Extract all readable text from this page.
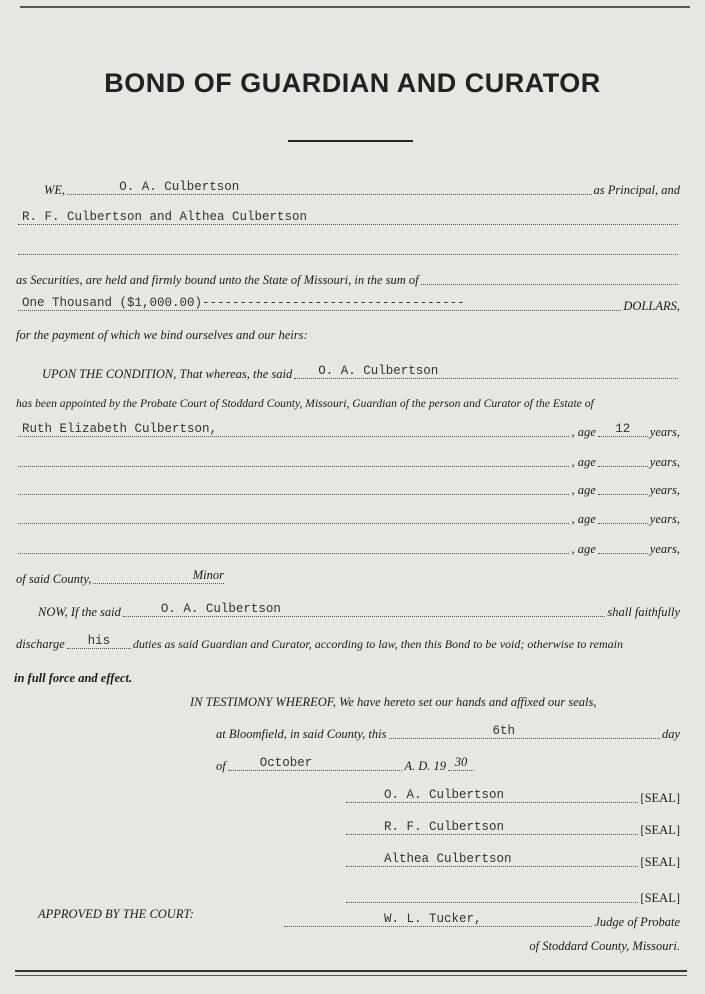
BOND OF GUARDIAN AND CURATOR
WE,	O. A. Culbertson	as Principal, and
R. F. Culbertson and Althea Culbertson
as Securities, are held and firmly bound unto the State of Missouri, in the sum of
One Thousand ($1,000.00)-----------------------------------	DOLLARS,
for the payment of which we bind ourselves and our heirs:
UPON THE CONDITION, That whereas, the said O. A. Culbertson
has been appointed by the Probate Court of Stoddard County, Missouri, Guardian of the person and Curator of the Estate of
Ruth Elizabeth Culbertson,	, age	12	years,
, age	years,
, age	years,
, age	years,
, age	years,
of said County,	Minor
NOW, If the said	O. A. Culbertson	shall faithfully
discharge	his	duties as said Guardian and Curator, according to law, then this Bond to be void; otherwise to remain
in full force and effect.
IN TESTIMONY WHEREOF, We have hereto set our hands and affixed our seals,
at Bloomfield, in said County, this	6th	day
of	October	A. D. 19 30
O. A. Culbertson	[SEAL]
R. F. Culbertson	[SEAL]
Althea Culbertson	[SEAL]
[SEAL]
APPROVED BY THE COURT:	W. L. Tucker,	Judge of Probate
of Stoddard County, Missouri.
